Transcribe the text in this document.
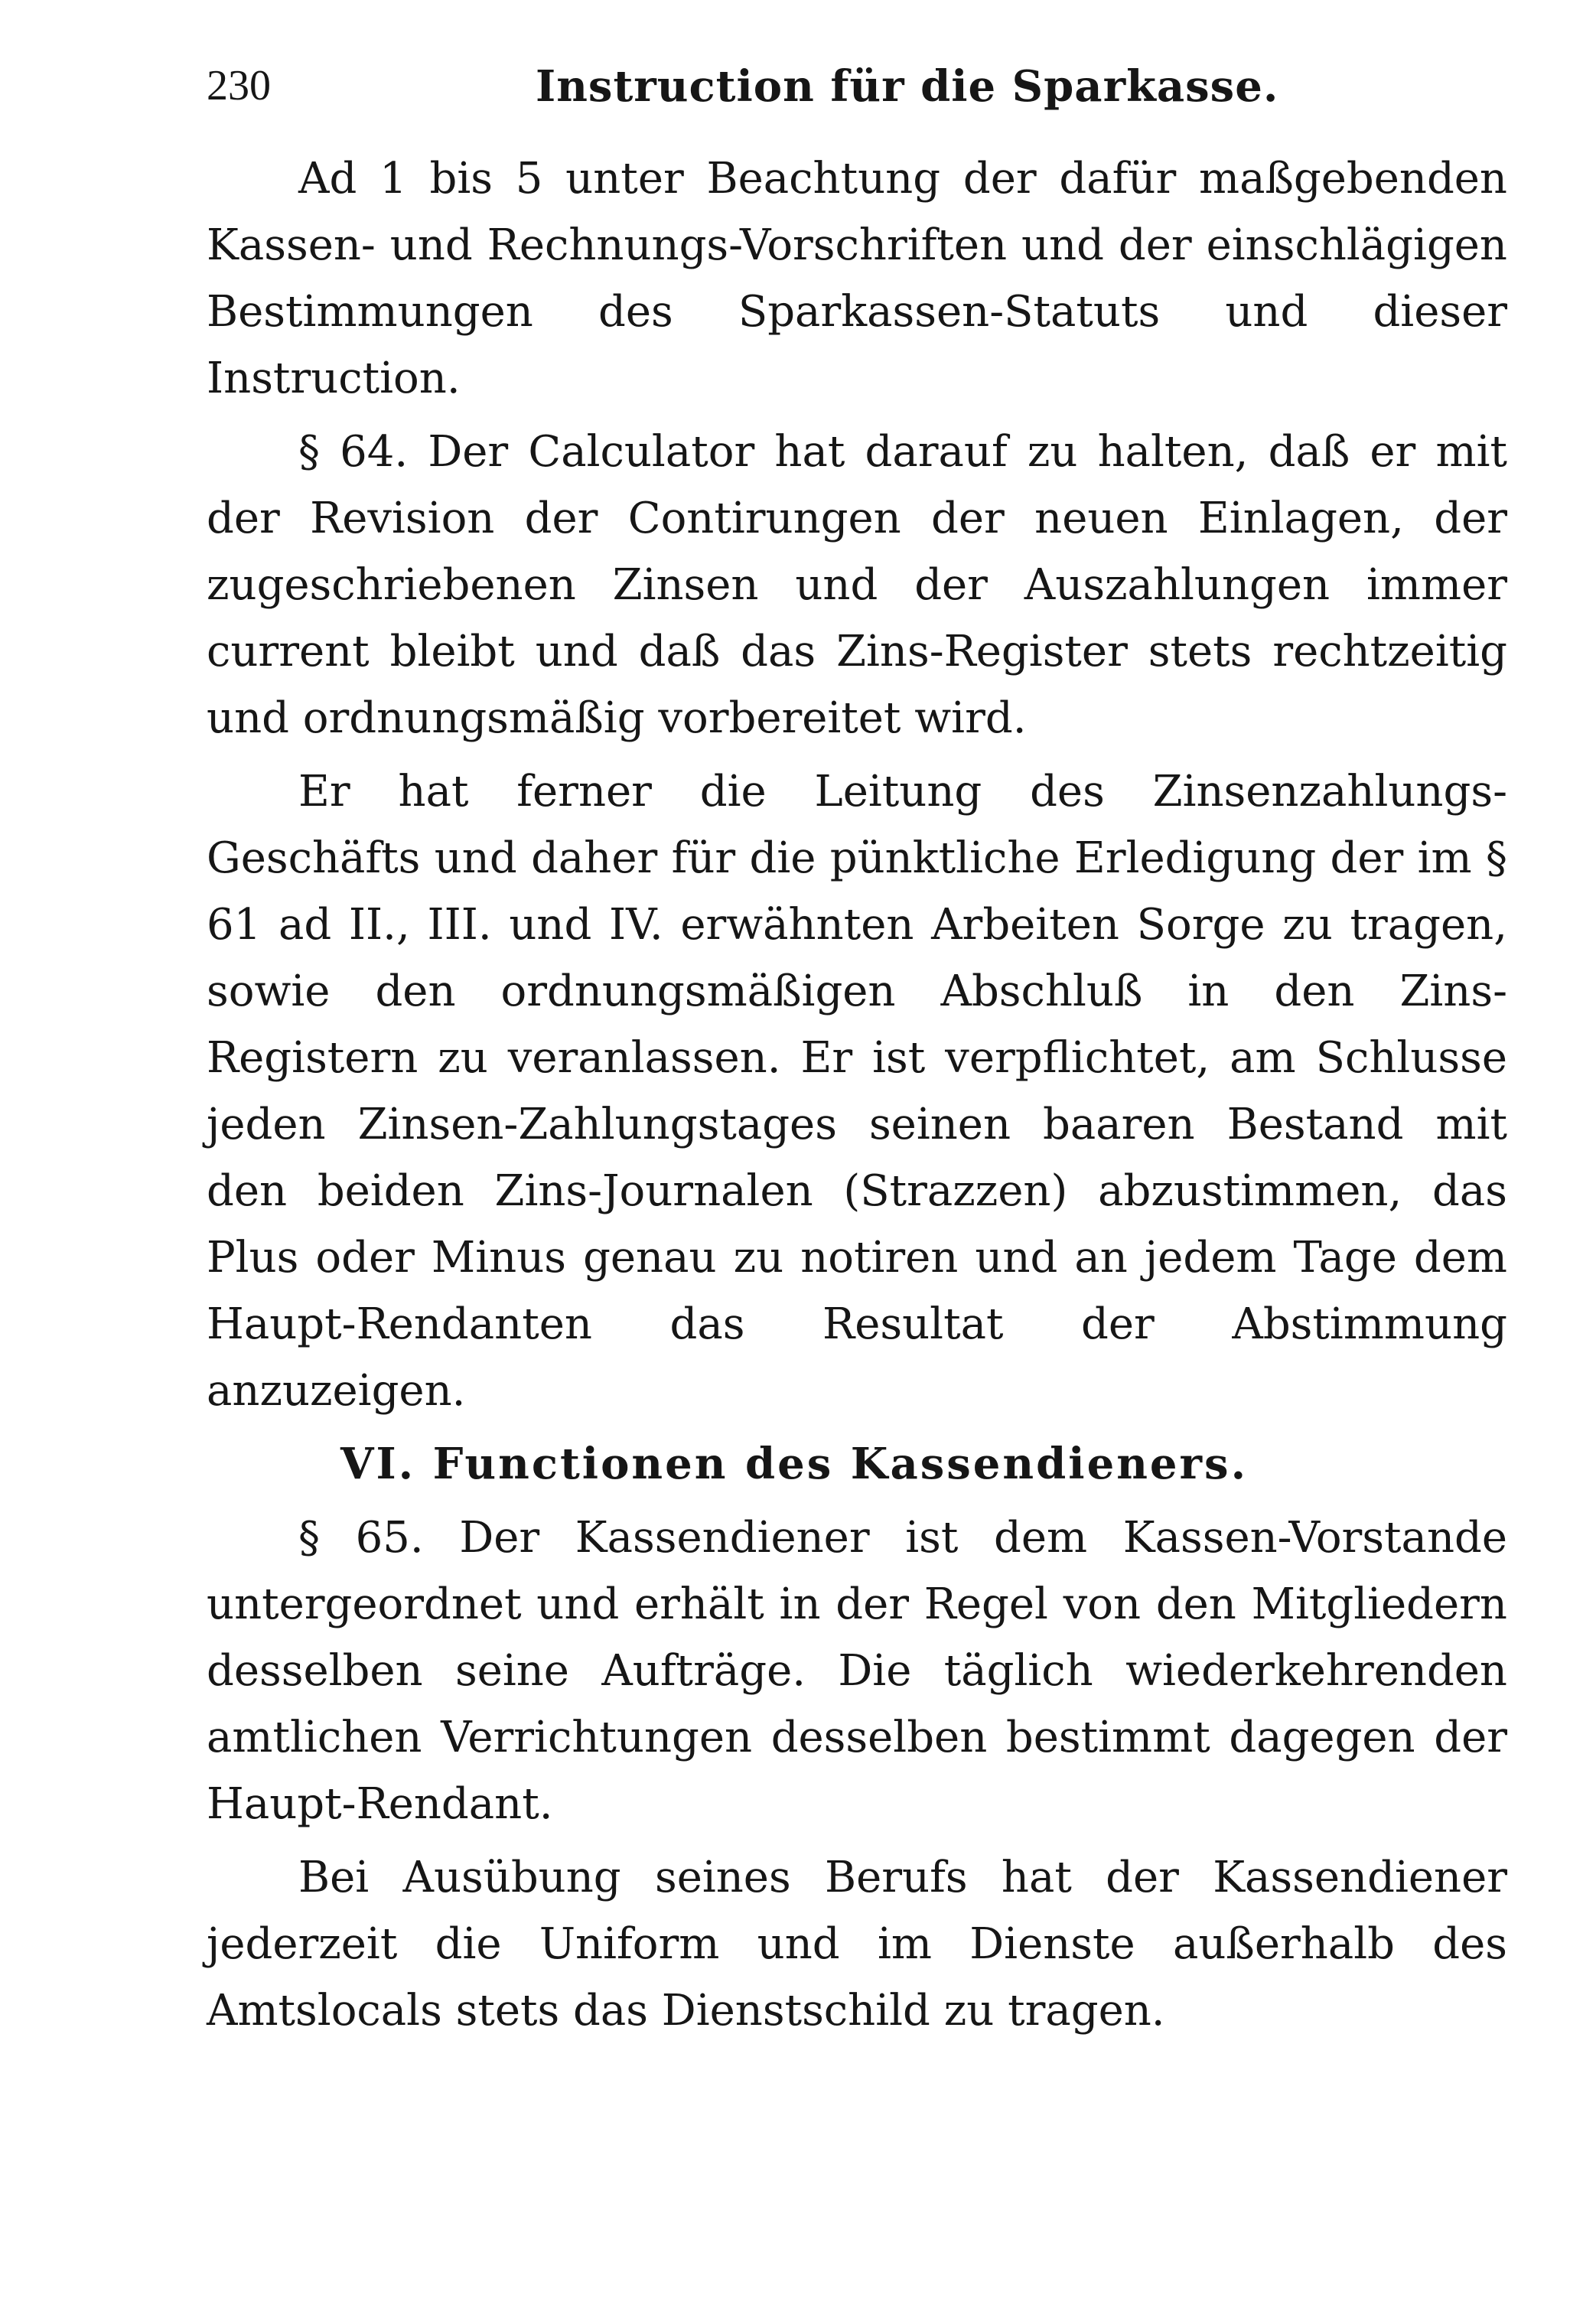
230	Instruction für die Sparkasse.

Ad 1 bis 5 unter Beachtung der dafür maßgebenden Kassen- und Rechnungs-Vorschriften und der einschlägigen Bestimmungen des Sparkassen-Statuts und dieser Instruction.

§ 64. Der Calculator hat darauf zu halten, daß er mit der Revision der Contirungen der neuen Einlagen, der zugeschriebenen Zinsen und der Auszahlungen immer current bleibt und daß das Zins-Register stets rechtzeitig und ordnungsmäßig vorbereitet wird.

Er hat ferner die Leitung des Zinsenzahlungs-Geschäfts und daher für die pünktliche Erledigung der im § 61 ad II., III. und IV. erwähnten Arbeiten Sorge zu tragen, sowie den ordnungsmäßigen Abschluß in den Zins-Registern zu veranlassen. Er ist verpflichtet, am Schlusse jeden Zinsen-Zahlungstages seinen baaren Bestand mit den beiden Zins-Journalen (Strazzen) abzustimmen, das Plus oder Minus genau zu notiren und an jedem Tage dem Haupt-Rendanten das Resultat der Abstimmung anzuzeigen.

VI. Functionen des Kassendieners.

§ 65. Der Kassendiener ist dem Kassen-Vorstande untergeordnet und erhält in der Regel von den Mitgliedern desselben seine Aufträge. Die täglich wiederkehrenden amtlichen Verrichtungen desselben bestimmt dagegen der Haupt-Rendant.

Bei Ausübung seines Berufs hat der Kassendiener jederzeit die Uniform und im Dienste außerhalb des Amtslocals stets das Dienstschild zu tragen.
